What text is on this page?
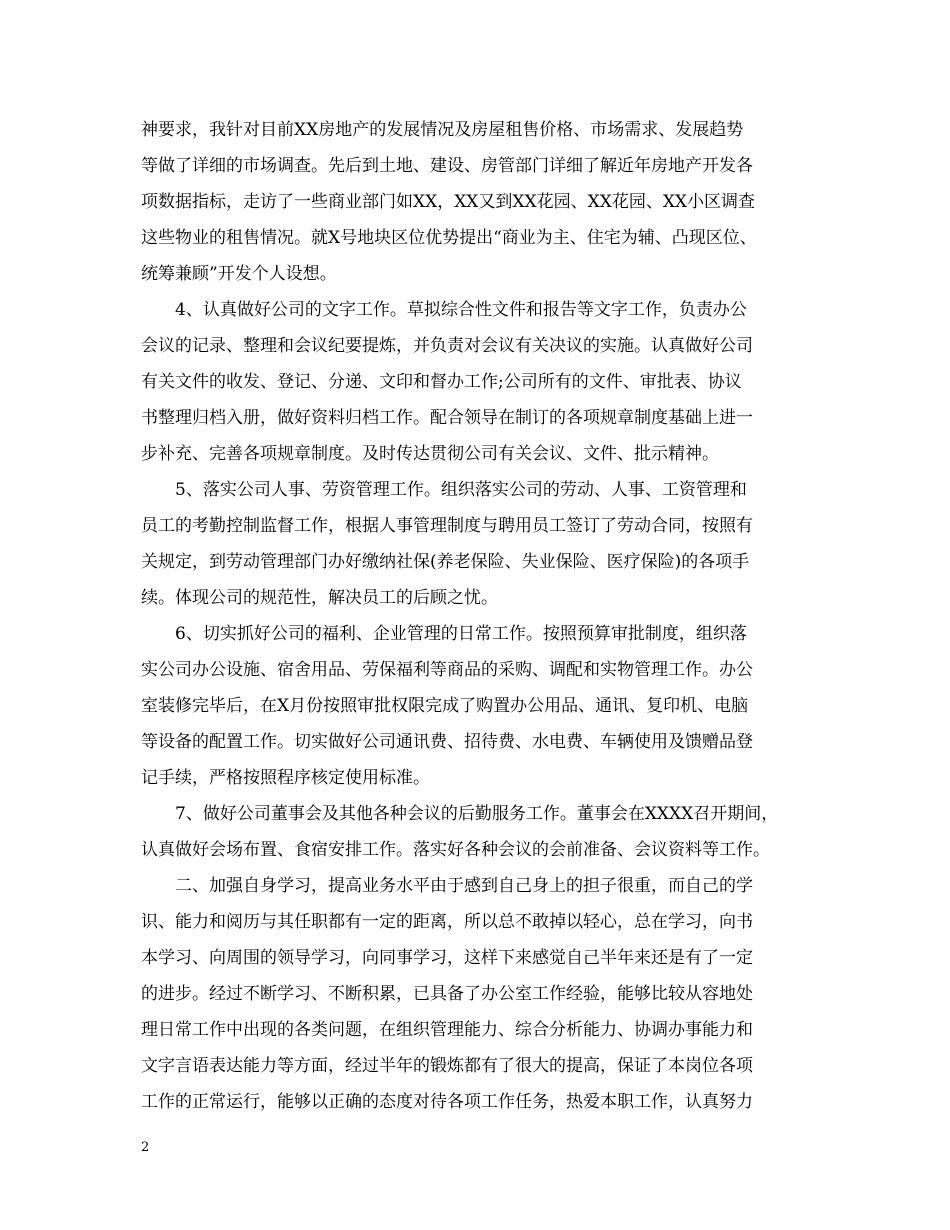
神要求，我针对目前XX房地产的发展情况及房屋租售价格、市场需求、发展趋势
等做了详细的市场调查。先后到土地、建设、房管部门详细了解近年房地产开发各
项数据指标，走访了一些商业部门如XX，XX又到XX花园、XX花园、XX小区调查
这些物业的租售情况。就X号地块区位优势提出“商业为主、住宅为辅、凸现区位、
统筹兼顾”开发个人设想。
4、认真做好公司的文字工作。草拟综合性文件和报告等文字工作，负责办公
会议的记录、整理和会议纪要提炼，并负责对会议有关决议的实施。认真做好公司
有关文件的收发、登记、分递、文印和督办工作;公司所有的文件、审批表、协议
书整理归档入册，做好资料归档工作。配合领导在制订的各项规章制度基础上进一
步补充、完善各项规章制度。及时传达贯彻公司有关会议、文件、批示精神。
5、落实公司人事、劳资管理工作。组织落实公司的劳动、人事、工资管理和
员工的考勤控制监督工作，根据人事管理制度与聘用员工签订了劳动合同，按照有
关规定，到劳动管理部门办好缴纳社保(养老保险、失业保险、医疗保险)的各项手
续。体现公司的规范性，解决员工的后顾之忧。
6、切实抓好公司的福利、企业管理的日常工作。按照预算审批制度，组织落
实公司办公设施、宿舍用品、劳保福利等商品的采购、调配和实物管理工作。办公
室装修完毕后，在X月份按照审批权限完成了购置办公用品、通讯、复印机、电脑
等设备的配置工作。切实做好公司通讯费、招待费、水电费、车辆使用及馈赠品登
记手续，严格按照程序核定使用标准。
7、做好公司董事会及其他各种会议的后勤服务工作。董事会在XXXX召开期间，
认真做好会场布置、食宿安排工作。落实好各种会议的会前准备、会议资料等工作。
二、加强自身学习，提高业务水平由于感到自己身上的担子很重，而自己的学
识、能力和阅历与其任职都有一定的距离，所以总不敢掉以轻心，总在学习，向书
本学习、向周围的领导学习，向同事学习，这样下来感觉自己半年来还是有了一定
的进步。经过不断学习、不断积累，已具备了办公室工作经验，能够比较从容地处
理日常工作中出现的各类问题，在组织管理能力、综合分析能力、协调办事能力和
文字言语表达能力等方面，经过半年的锻炼都有了很大的提高，保证了本岗位各项
工作的正常运行，能够以正确的态度对待各项工作任务，热爱本职工作，认真努力
2
